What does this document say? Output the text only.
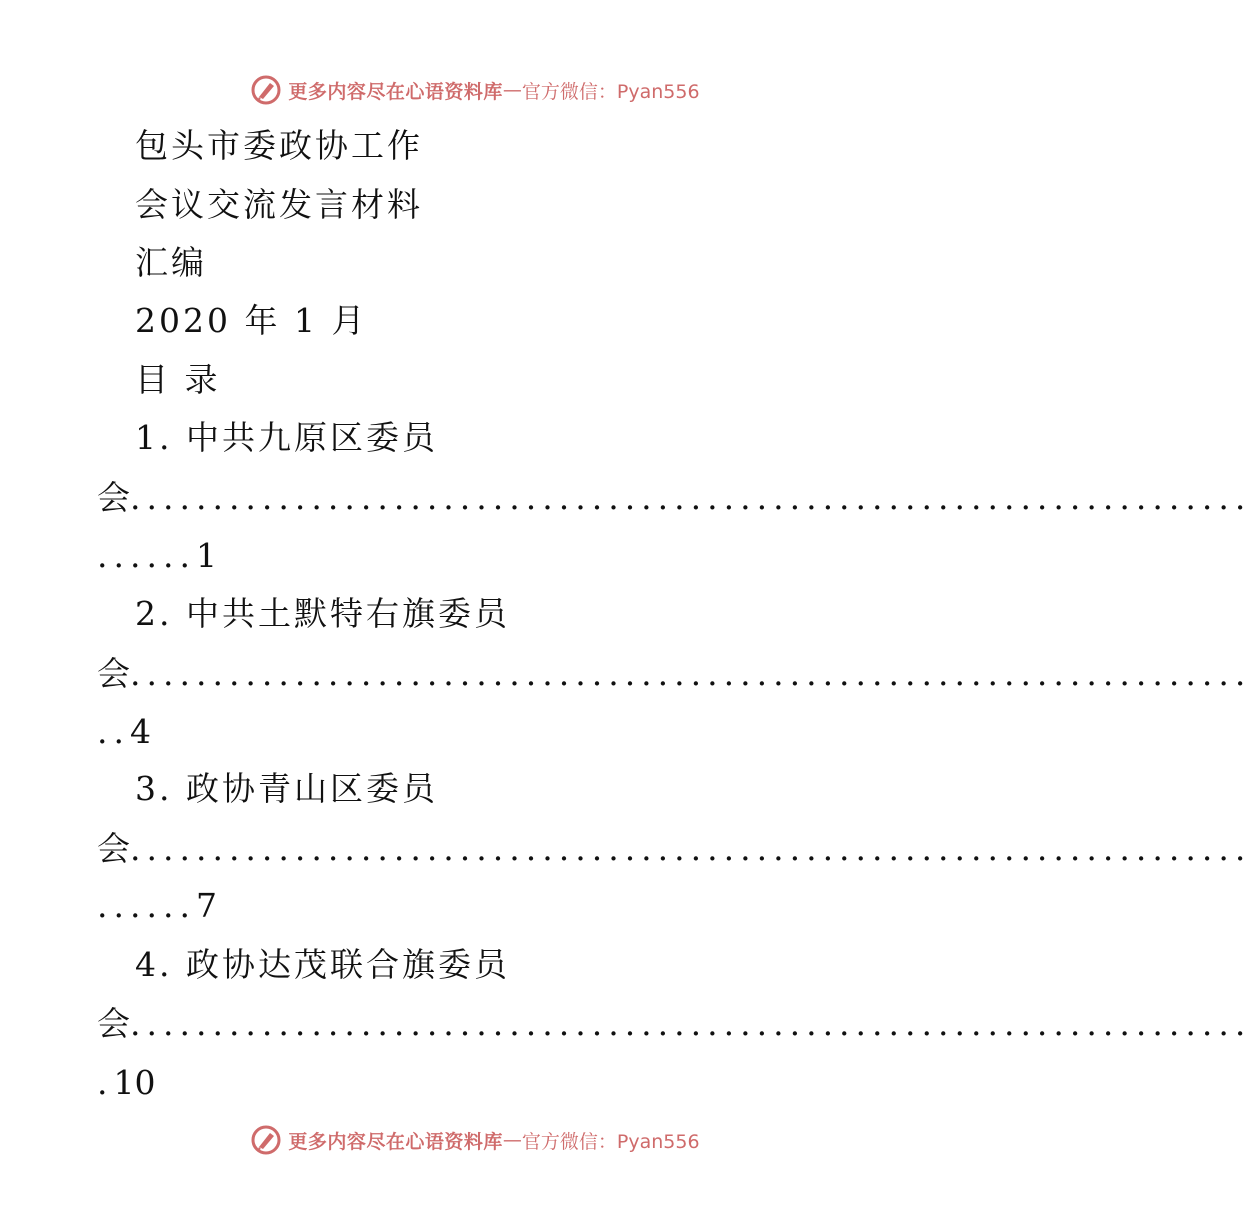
更多内容尽在心语资料库 — 官方微信：Pyan556
包头市委政协工作
会议交流发言材料
汇编
2020 年 1 月
目 录
1. 中共九原区委员
会....................................................................
......1
2. 中共土默特右旗委员
会....................................................................
..4
3. 政协青山区委员
会....................................................................
......7
4. 政协达茂联合旗委员
会....................................................................
.10
更多内容尽在心语资料库 — 官方微信：Pyan556
